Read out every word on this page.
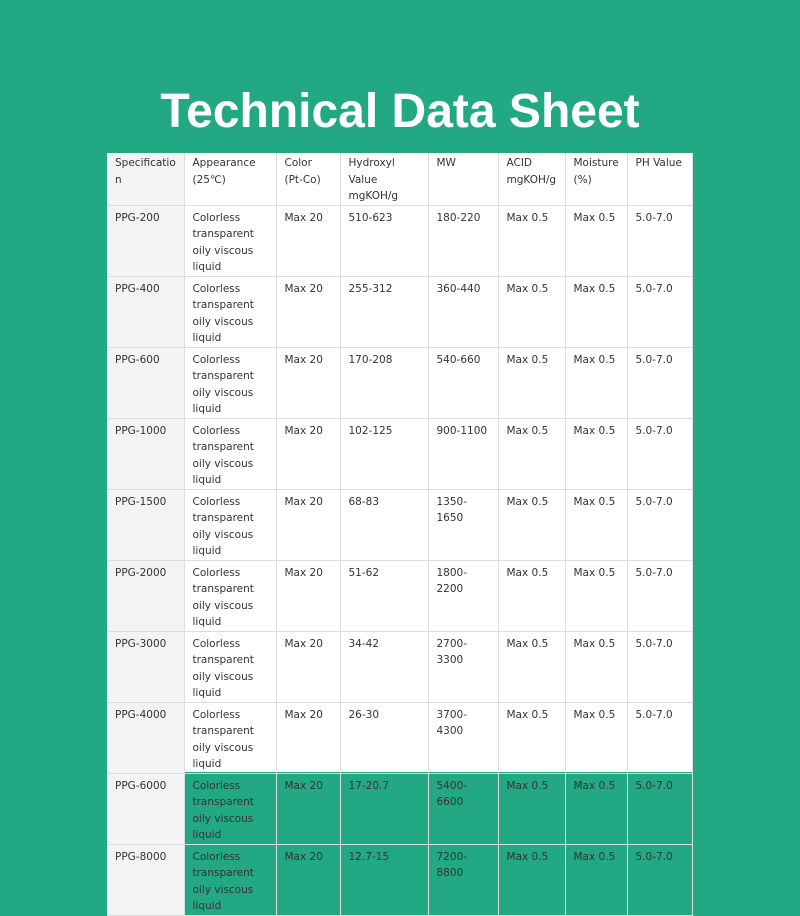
Technical Data Sheet
Specification	Appearance (25℃)	Color (Pt-Co)	Hydroxyl Value mgKOH/g	MW	ACID mgKOH/g	Moisture (%)	PH Value
PPG-200	Colorless transparent oily viscous liquid	Max 20	510-623	180-220	Max 0.5	Max 0.5	5.0-7.0
PPG-400	Colorless transparent oily viscous liquid	Max 20	255-312	360-440	Max 0.5	Max 0.5	5.0-7.0
PPG-600	Colorless transparent oily viscous liquid	Max 20	170-208	540-660	Max 0.5	Max 0.5	5.0-7.0
PPG-1000	Colorless transparent oily viscous liquid	Max 20	102-125	900-1100	Max 0.5	Max 0.5	5.0-7.0
PPG-1500	Colorless transparent oily viscous liquid	Max 20	68-83	1350-1650	Max 0.5	Max 0.5	5.0-7.0
PPG-2000	Colorless transparent oily viscous liquid	Max 20	51-62	1800-2200	Max 0.5	Max 0.5	5.0-7.0
PPG-3000	Colorless transparent oily viscous liquid	Max 20	34-42	2700-3300	Max 0.5	Max 0.5	5.0-7.0
PPG-4000	Colorless transparent oily viscous liquid	Max 20	26-30	3700-4300	Max 0.5	Max 0.5	5.0-7.0
PPG-6000	Colorless transparent oily viscous liquid	Max 20	17-20.7	5400-6600	Max 0.5	Max 0.5	5.0-7.0
PPG-8000	Colorless transparent oily viscous liquid	Max 20	12.7-15	7200-8800	Max 0.5	Max 0.5	5.0-7.0
